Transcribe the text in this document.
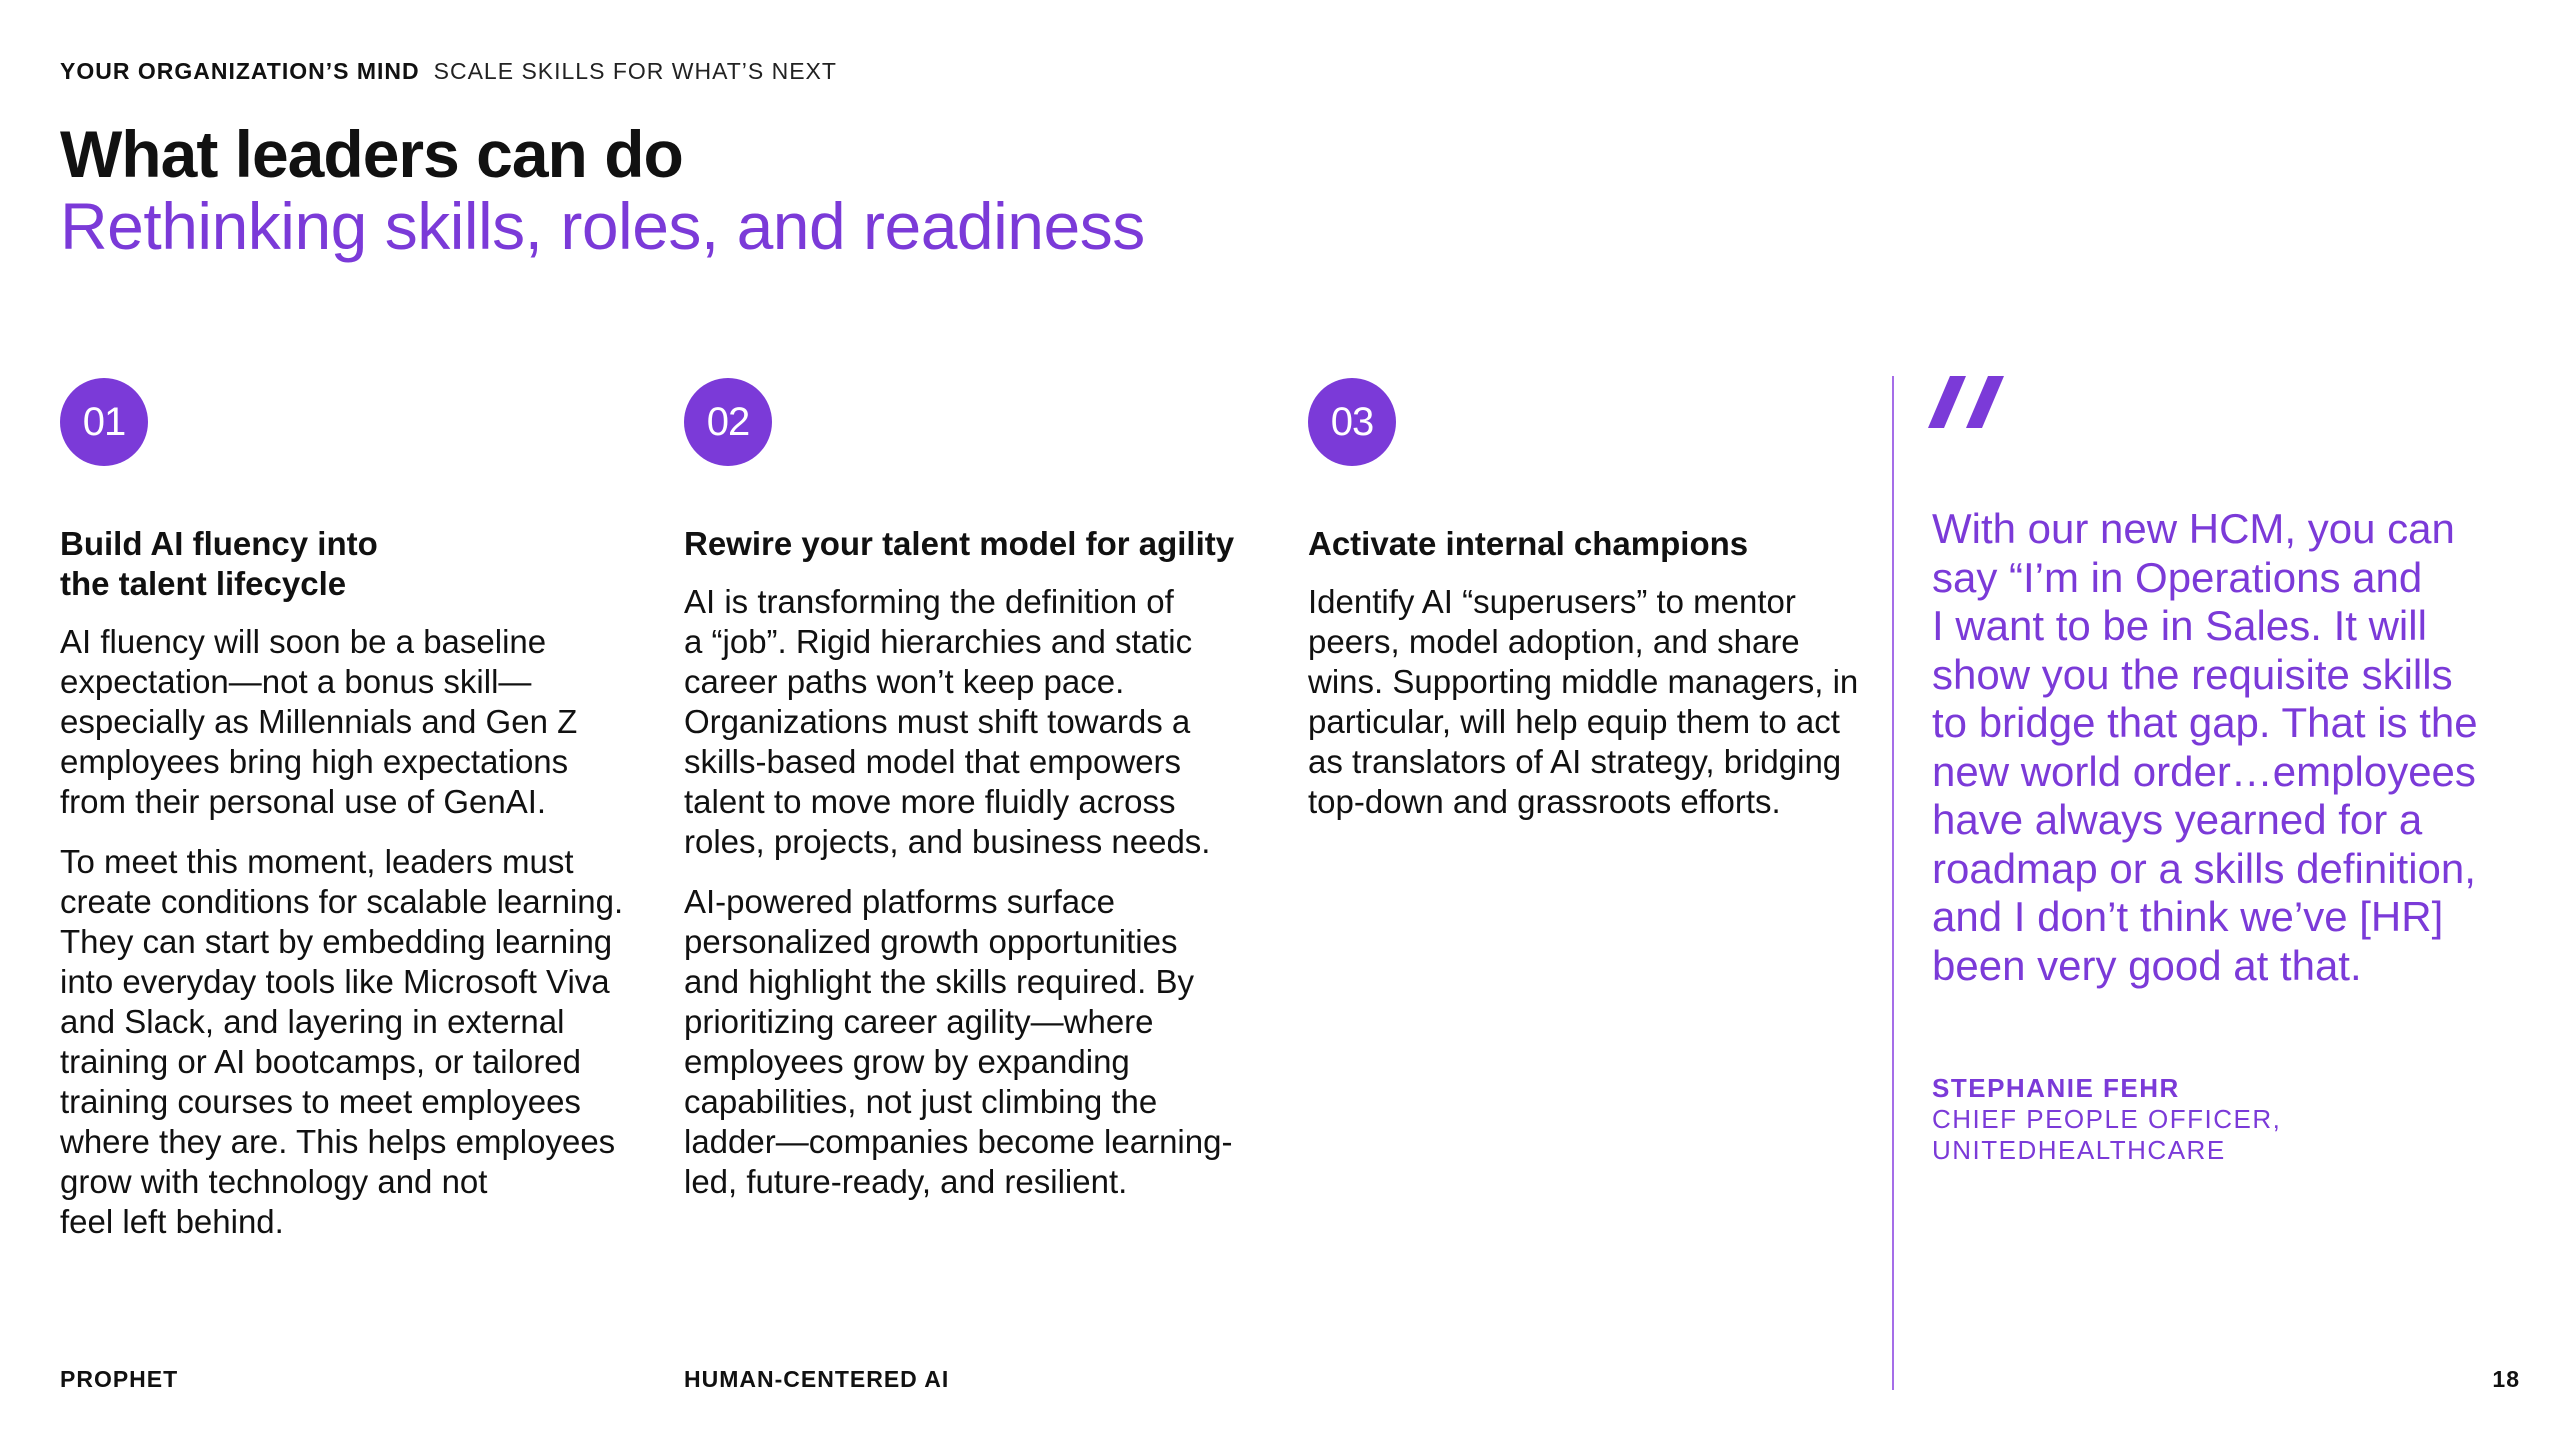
YOUR ORGANIZATION’S MIND SCALE SKILLS FOR WHAT’S NEXT
What leaders can do
Rethinking skills, roles, and readiness
01
Build AI fluency into
the talent lifecycle

AI fluency will soon be a baseline
expectation—not a bonus skill—
especially as Millennials and Gen Z
employees bring high expectations
from their personal use of GenAI.

To meet this moment, leaders must
create conditions for scalable learning.
They can start by embedding learning
into everyday tools like Microsoft Viva
and Slack, and layering in external
training or AI bootcamps, or tailored
training courses to meet employees
where they are. This helps employees
grow with technology and not
feel left behind.

02
Rewire your talent model for agility

AI is transforming the definition of
a “job”. Rigid hierarchies and static
career paths won’t keep pace.
Organizations must shift towards a
skills-based model that empowers
talent to move more fluidly across
roles, projects, and business needs.

AI-powered platforms surface
personalized growth opportunities
and highlight the skills required. By
prioritizing career agility—where
employees grow by expanding
capabilities, not just climbing the
ladder—companies become learning-
led, future-ready, and resilient.

03
Activate internal champions

Identify AI “superusers” to mentor
peers, model adoption, and share
wins. Supporting middle managers, in
particular, will help equip them to act
as translators of AI strategy, bridging
top-down and grassroots efforts.

With our new HCM, you can
say “I’m in Operations and
I want to be in Sales. It will
show you the requisite skills
to bridge that gap. That is the
new world order…employees
have always yearned for a
roadmap or a skills definition,
and I don’t think we’ve [HR]
been very good at that.

STEPHANIE FEHR
CHIEF PEOPLE OFFICER,
UNITEDHEALTHCARE
PROPHET	HUMAN-CENTERED AI	18
